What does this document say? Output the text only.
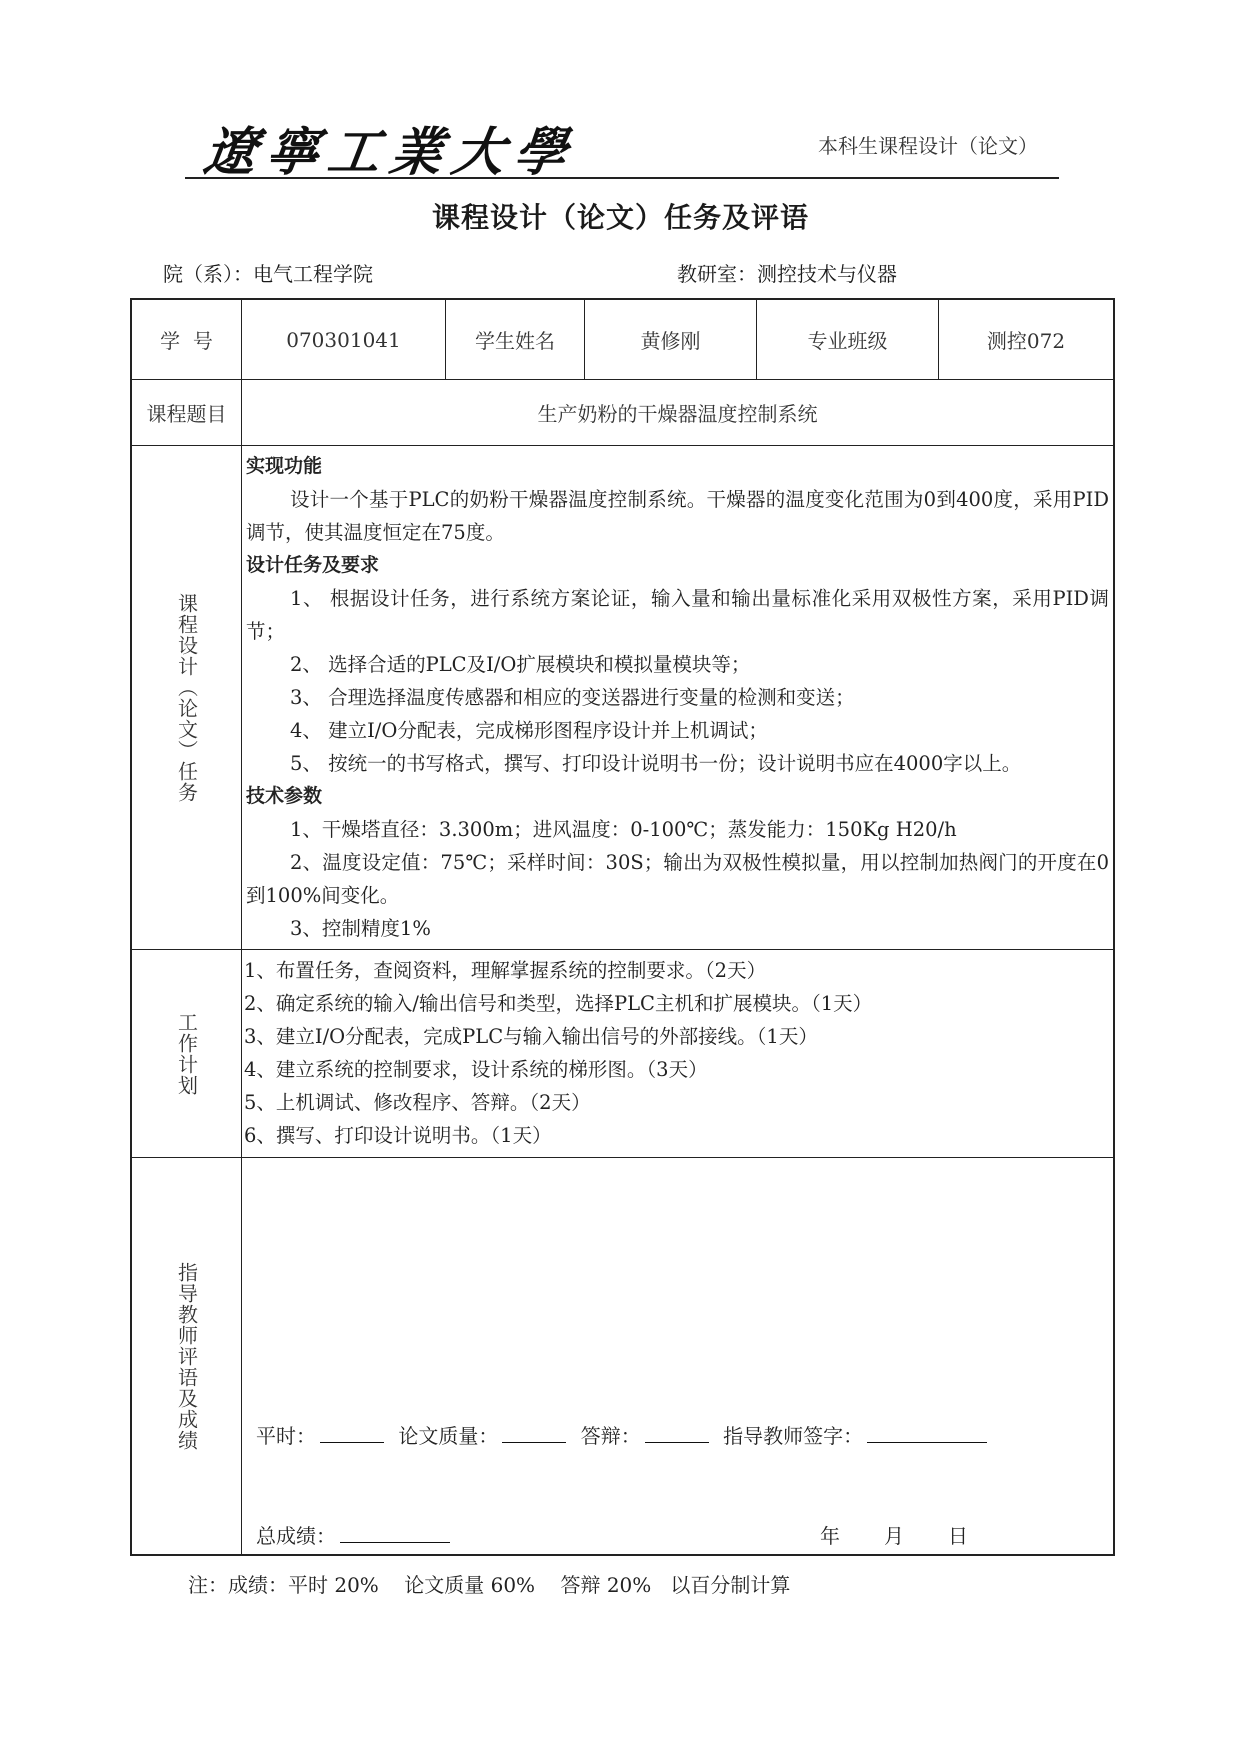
遼寧工業大學	本科生课程设计（论文）
课程设计（论文）任务及评语
院（系）：电气工程学院	教研室：测控技术与仪器
学  号	070301041	学生姓名	黄修刚	专业班级	测控072
课程题目	生产奶粉的干燥器温度控制系统
课程设计（论文）任务
实现功能
设计一个基于PLC的奶粉干燥器温度控制系统。干燥器的温度变化范围为0到400度，采用PID调节，使其温度恒定在75度。
设计任务及要求
1、 根据设计任务，进行系统方案论证，输入量和输出量标准化采用双极性方案，采用PID调节；
2、 选择合适的PLC及I/O扩展模块和模拟量模块等；
3、 合理选择温度传感器和相应的变送器进行变量的检测和变送；
4、 建立I/O分配表，完成梯形图程序设计并上机调试；
5、 按统一的书写格式，撰写、打印设计说明书一份；设计说明书应在4000字以上。
技术参数
1、干燥塔直径：3.300m；进风温度：0-100℃；蒸发能力：150Kg H20/h
2、温度设定值：75℃；采样时间：30S；输出为双极性模拟量，用以控制加热阀门的开度在0到100%间变化。
3、控制精度1%
工作计划
1、布置任务，查阅资料，理解掌握系统的控制要求。（2天）
2、确定系统的输入/输出信号和类型，选择PLC主机和扩展模块。（1天）
3、建立I/O分配表，完成PLC与输入输出信号的外部接线。（1天）
4、建立系统的控制要求，设计系统的梯形图。（3天）
5、上机调试、修改程序、答辩。（2天）
6、撰写、打印设计说明书。（1天）
指导教师评语及成绩	平时：	论文质量：	答辩：	指导教师签字：
总成绩：	年 月 日
注：成绩：平时 20%    论文质量 60%    答辩 20%   以百分制计算
